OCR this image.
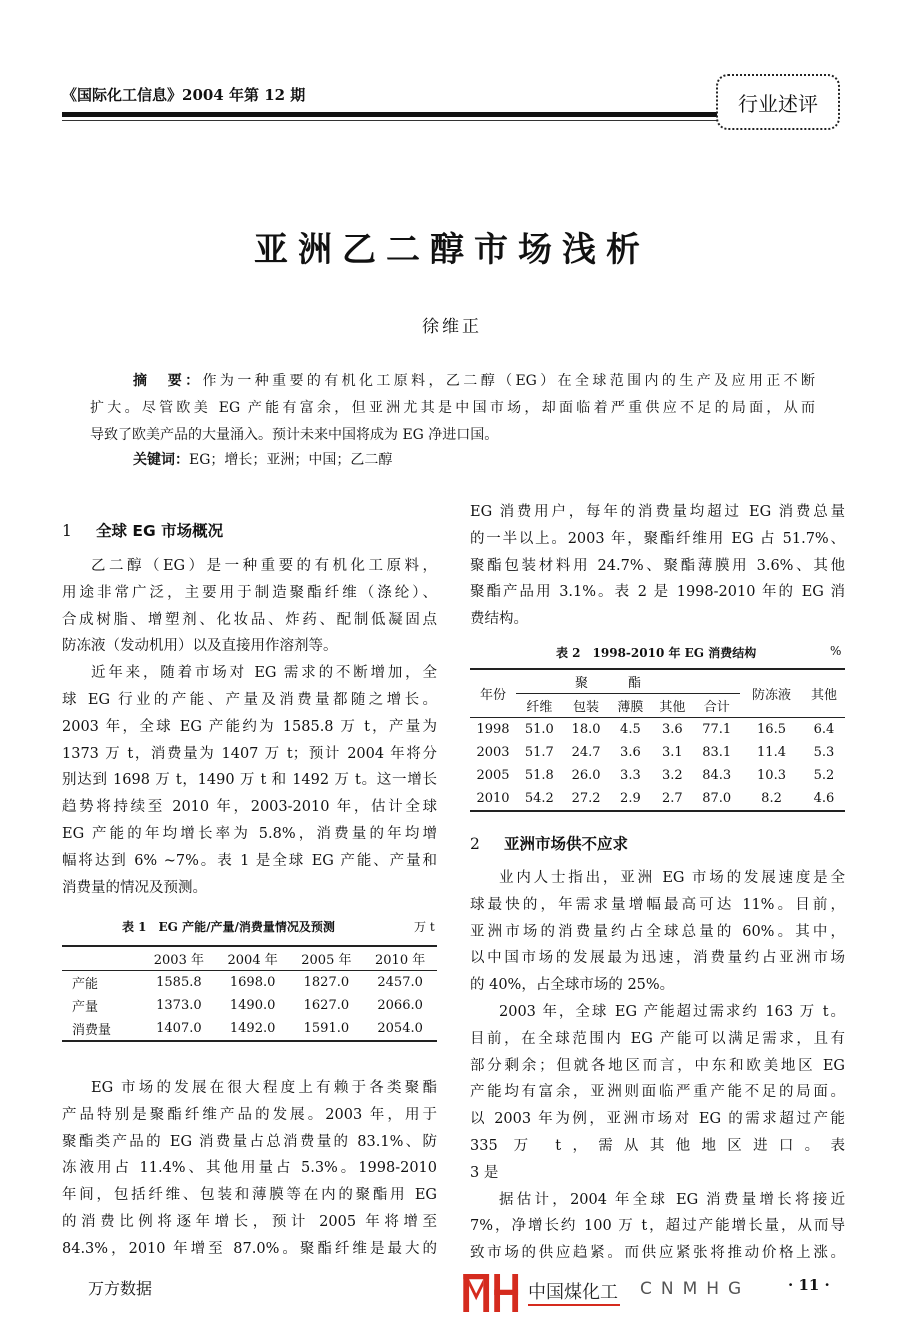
《国际化工信息》2004 年第 12 期	行业述评
亚洲乙二醇市场浅析
徐维正
摘　要：作为一种重要的有机化工原料，乙二醇（EG）在全球范围内的生产及应用正不断
扩大。尽管欧美 EG 产能有富余，但亚洲尤其是中国市场，却面临着严重供应不足的局面，从而
导致了欧美产品的大量涌入。预计未来中国将成为 EG 净进口国。
关键词：EG；增长；亚洲；中国；乙二醇
1 全球 EG 市场概况
乙二醇（EG）是一种重要的有机化工原料，
用途非常广泛，主要用于制造聚酯纤维（涤纶）、
合成树脂、增塑剂、化妆品、炸药、配制低凝固点
防冻液（发动机用）以及直接用作溶剂等。
近年来，随着市场对 EG 需求的不断增加，全
球 EG 行业的产能、产量及消费量都随之增长。
2003 年，全球 EG 产能约为 1585.8 万 t，产量为
1373 万 t，消费量为 1407 万 t；预计 2004 年将分
别达到 1698 万 t，1490 万 t 和 1492 万 t。这一增长
趋势将持续至 2010 年，2003-2010 年，估计全球
EG 产能的年均增长率为 5.8%，消费量的年均增
幅将达到 6% ~7%。表 1 是全球 EG 产能、产量和
消费量的情况及预测。
表 1　EG 产能/产量/消费量情况及预测	万 t
	2003 年	2004 年	2005 年	2010 年
产能	1585.8	1698.0	1827.0	2457.0
产量	1373.0	1490.0	1627.0	2066.0
消费量	1407.0	1492.0	1591.0	2054.0
EG 市场的发展在很大程度上有赖于各类聚酯
产品特别是聚酯纤维产品的发展。2003 年，用于
聚酯类产品的 EG 消费量占总消费量的 83.1%、防
冻液用占 11.4%、其他用量占 5.3%。1998-2010
年间，包括纤维、包装和薄膜等在内的聚酯用 EG
的消费比例将逐年增长，预计 2005 年将增至
84.3%，2010 年增至 87.0%。聚酯纤维是最大的
EG 消费用户，每年的消费量均超过 EG 消费总量
的一半以上。2003 年，聚酯纤维用 EG 占 51.7%、
聚酯包装材料用 24.7%、聚酯薄膜用 3.6%、其他
聚酯产品用 3.1%。表 2 是 1998-2010 年的 EG 消
费结构。
表 2　1998-2010 年 EG 消费结构	%
年份	聚酯					防冻液	其他
	纤维	包装	薄膜	其他	合计		
1998	51.0	18.0	4.5	3.6	77.1	16.5	6.4
2003	51.7	24.7	3.6	3.1	83.1	11.4	5.3
2005	51.8	26.0	3.3	3.2	84.3	10.3	5.2
2010	54.2	27.2	2.9	2.7	87.0	8.2	4.6
2 亚洲市场供不应求
业内人士指出，亚洲 EG 市场的发展速度是全
球最快的，年需求量增幅最高可达 11%。目前，
亚洲市场的消费量约占全球总量的 60%。其中，
以中国市场的发展最为迅速，消费量约占亚洲市场
的 40%，占全球市场的 25%。
2003 年，全球 EG 产能超过需求约 163 万 t。
目前，在全球范围内 EG 产能可以满足需求，且有
部分剩余；但就各地区而言，中东和欧美地区 EG
产能均有富余，亚洲则面临严重产能不足的局面。
以 2003 年为例，亚洲市场对 EG 的需求超过产能
335 万 t，需从其他地区进口。表
3 是
据估计，2004 年全球 EG 消费量增长将接近
7%，净增长约 100 万 t，超过产能增长量，从而导
致市场的供应趋紧。而供应紧张将推动价格上涨。
中国煤化工 CNMHG
万方数据	· 11 ·
